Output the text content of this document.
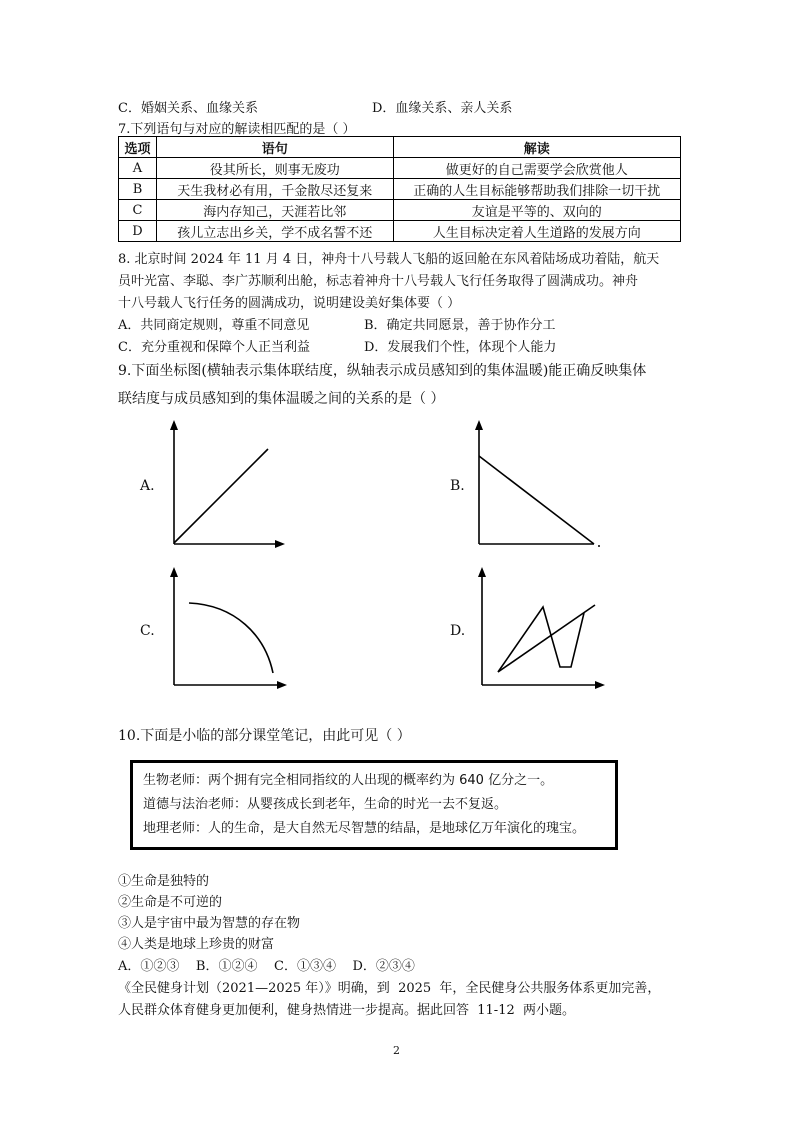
C．婚姻关系、血缘关系	D．血缘关系、亲人关系
7.下列语句与对应的解读相匹配的是（ ）
选项	语句	解读
A	役其所长，则事无废功	做更好的自己需要学会欣赏他人
B	天生我材必有用，千金散尽还复来	正确的人生目标能够帮助我们排除一切干扰
C	海内存知己，天涯若比邻	友谊是平等的、双向的
D	孩儿立志出乡关，学不成名誓不还	人生目标决定着人生道路的发展方向
8. 北京时间 2024 年 11 月 4 日，神舟十八号载人飞船的返回舱在东风着陆场成功着陆，航天
员叶光富、李聪、李广苏顺利出舱，标志着神舟十八号载人飞行任务取得了圆满成功。神舟
十八号载人飞行任务的圆满成功，说明建设美好集体要（ ）
A．共同商定规则，尊重不同意见	B．确定共同愿景，善于协作分工
C．充分重视和保障个人正当利益	D．发展我们个性，体现个人能力
9.下面坐标图(横轴表示集体联结度，纵轴表示成员感知到的集体温暖)能正确反映集体
联结度与成员感知到的集体温暖之间的关系的是（ ）
A.	B.
C.	D.
10.下面是小临的部分课堂笔记，由此可见（ ）
生物老师：两个拥有完全相同指纹的人出现的概率约为 640 亿分之一。
道德与法治老师：从婴孩成长到老年，生命的时光一去不复返。
地理老师：人的生命，是大自然无尽智慧的结晶，是地球亿万年演化的瑰宝。
①生命是独特的
②生命是不可逆的
③人是宇宙中最为智慧的存在物
④人类是地球上珍贵的财富
A．①②③    B．①②④    C．①③④    D．②③④
《全民健身计划（2021—2025 年）》明确，到  2025  年，全民健身公共服务体系更加完善，
人民群众体育健身更加便利，健身热情进一步提高。据此回答  11-12  两小题。
2
